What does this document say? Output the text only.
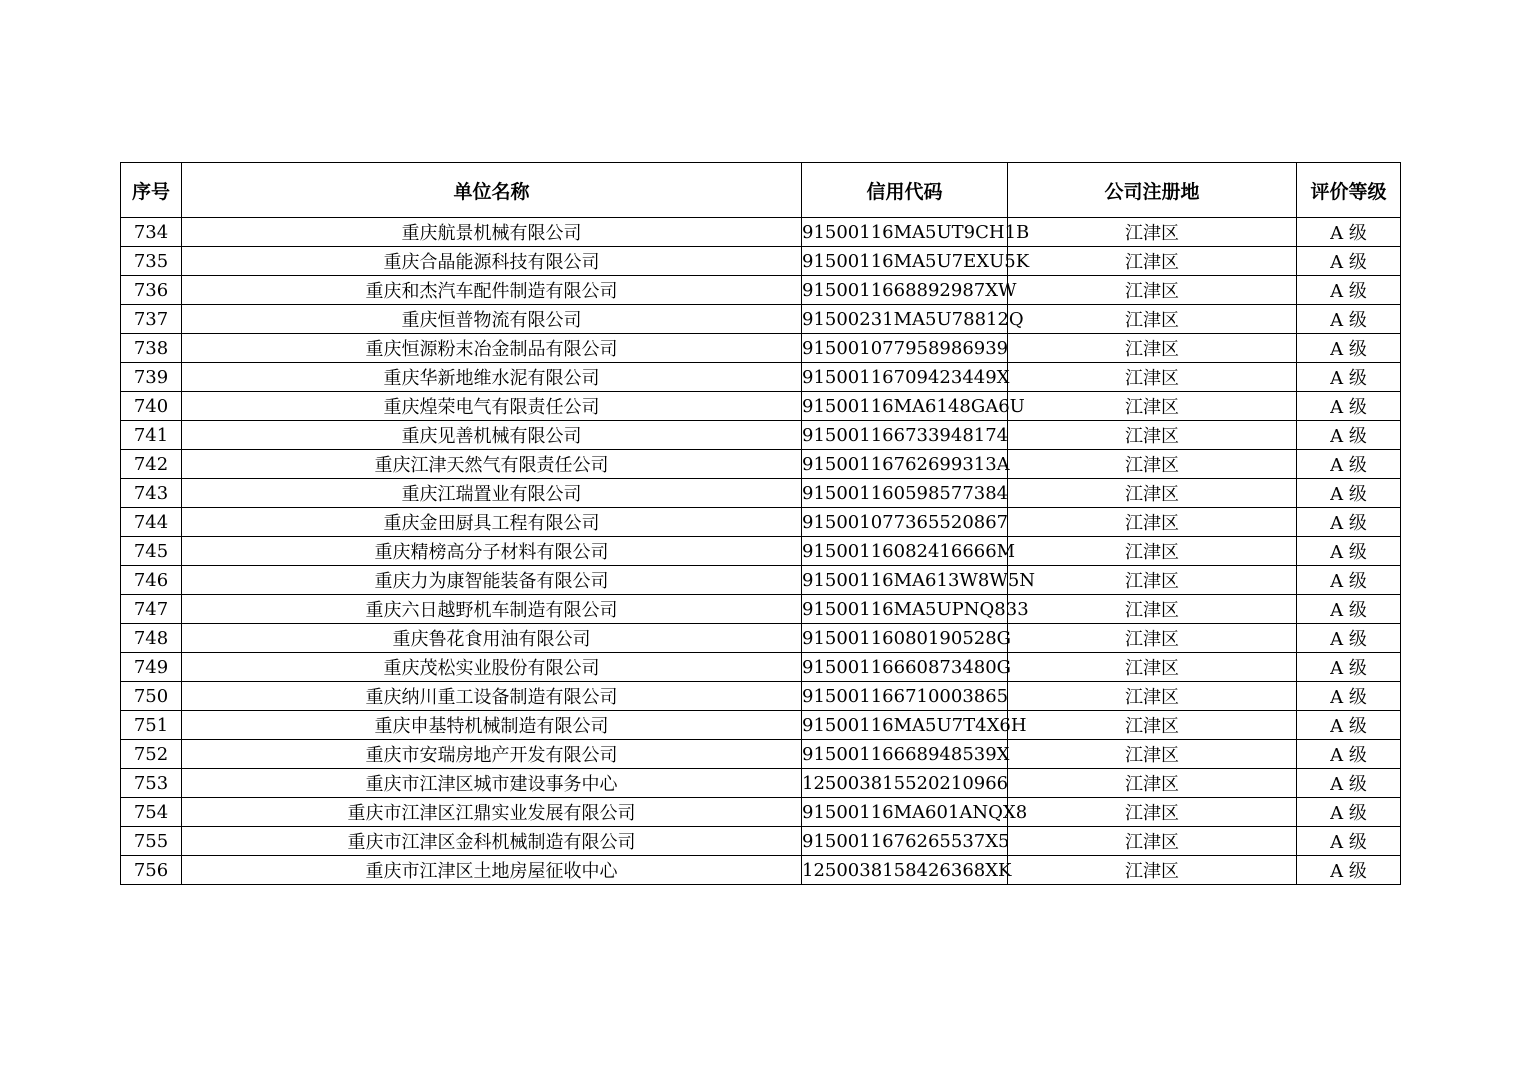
序号	单位名称	信用代码	公司注册地	评价等级
734	重庆航景机械有限公司	91500116MA5UT9CH1B	江津区	A 级
735	重庆合晶能源科技有限公司	91500116MA5U7EXU5K	江津区	A 级
736	重庆和杰汽车配件制造有限公司	9150011668892987XW	江津区	A 级
737	重庆恒普物流有限公司	91500231MA5U78812Q	江津区	A 级
738	重庆恒源粉末冶金制品有限公司	915001077958986939	江津区	A 级
739	重庆华新地维水泥有限公司	91500116709423449X	江津区	A 级
740	重庆煌荣电气有限责任公司	91500116MA6148GA6U	江津区	A 级
741	重庆见善机械有限公司	915001166733948174	江津区	A 级
742	重庆江津天然气有限责任公司	91500116762699313A	江津区	A 级
743	重庆江瑞置业有限公司	915001160598577384	江津区	A 级
744	重庆金田厨具工程有限公司	915001077365520867	江津区	A 级
745	重庆精榜高分子材料有限公司	91500116082416666M	江津区	A 级
746	重庆力为康智能装备有限公司	91500116MA613W8W5N	江津区	A 级
747	重庆六日越野机车制造有限公司	91500116MA5UPNQ833	江津区	A 级
748	重庆鲁花食用油有限公司	91500116080190528G	江津区	A 级
749	重庆茂松实业股份有限公司	91500116660873480G	江津区	A 级
750	重庆纳川重工设备制造有限公司	915001166710003865	江津区	A 级
751	重庆申基特机械制造有限公司	91500116MA5U7T4X6H	江津区	A 级
752	重庆市安瑞房地产开发有限公司	91500116668948539X	江津区	A 级
753	重庆市江津区城市建设事务中心	125003815520210966	江津区	A 级
754	重庆市江津区江鼎实业发展有限公司	91500116MA601ANQX8	江津区	A 级
755	重庆市江津区金科机械制造有限公司	9150011676265537X5	江津区	A 级
756	重庆市江津区土地房屋征收中心	1250038158426368XK	江津区	A 级
